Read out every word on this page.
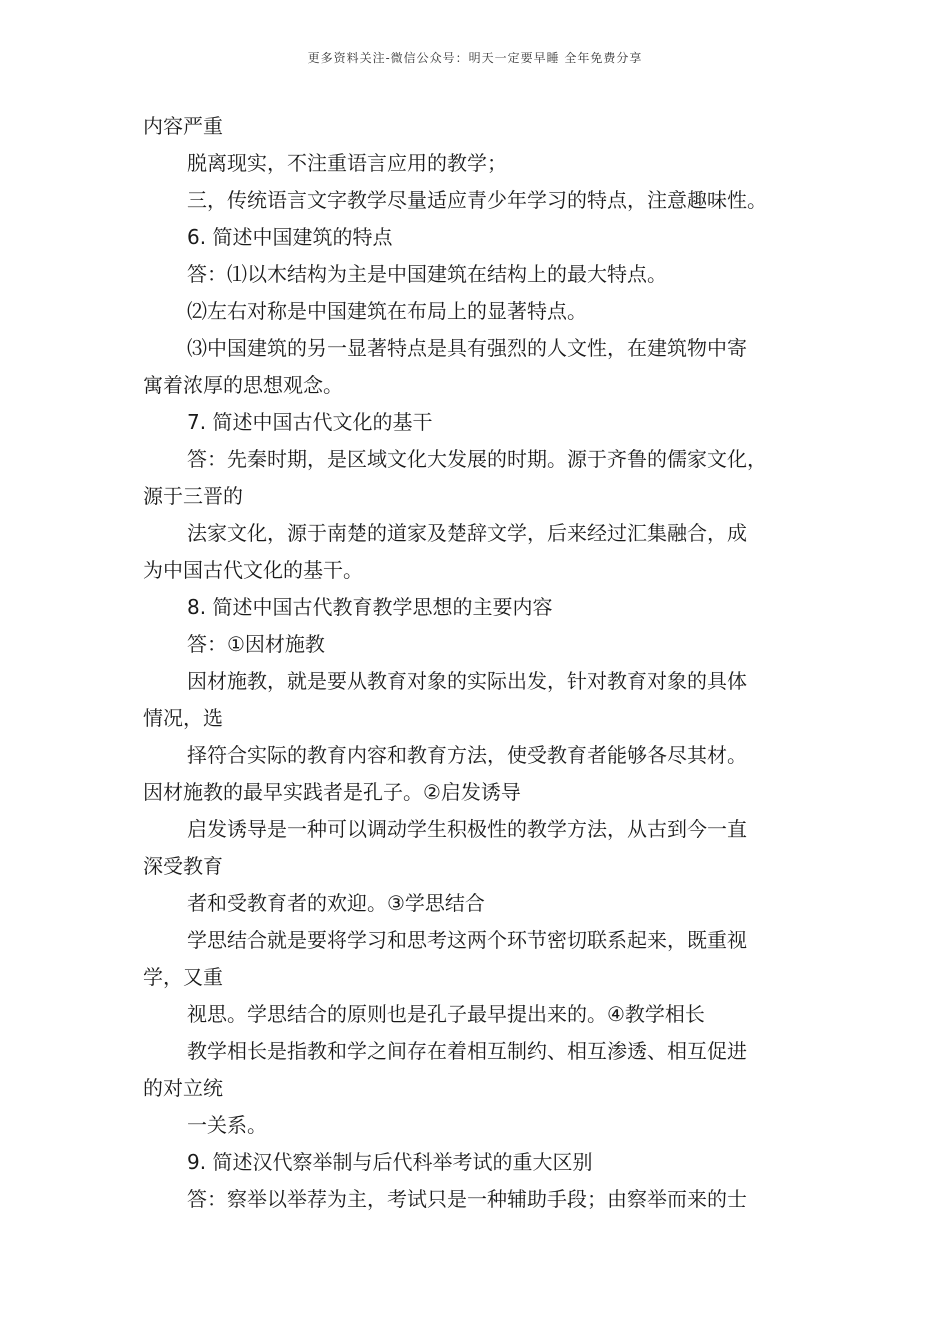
更多资料关注-微信公众号：明天一定要早睡 全年免费分享
内容严重
脱离现实，不注重语言应用的教学；
三，传统语言文字教学尽量适应青少年学习的特点，注意趣味性。
6. 简述中国建筑的特点
答：⑴以木结构为主是中国建筑在结构上的最大特点。
⑵左右对称是中国建筑在布局上的显著特点。
⑶中国建筑的另一显著特点是具有强烈的人文性，在建筑物中寄
寓着浓厚的思想观念。
7. 简述中国古代文化的基干
答：先秦时期，是区域文化大发展的时期。源于齐鲁的儒家文化，
源于三晋的
法家文化，源于南楚的道家及楚辞文学，后来经过汇集融合，成
为中国古代文化的基干。
8. 简述中国古代教育教学思想的主要内容
答：①因材施教
因材施教，就是要从教育对象的实际出发，针对教育对象的具体
情况，选
择符合实际的教育内容和教育方法，使受教育者能够各尽其材。
因材施教的最早实践者是孔子。②启发诱导
启发诱导是一种可以调动学生积极性的教学方法，从古到今一直
深受教育
者和受教育者的欢迎。③学思结合
学思结合就是要将学习和思考这两个环节密切联系起来，既重视
学，又重
视思。学思结合的原则也是孔子最早提出来的。④教学相长
教学相长是指教和学之间存在着相互制约、相互渗透、相互促进
的对立统
一关系。
9. 简述汉代察举制与后代科举考试的重大区别
答：察举以举荐为主，考试只是一种辅助手段；由察举而来的士
